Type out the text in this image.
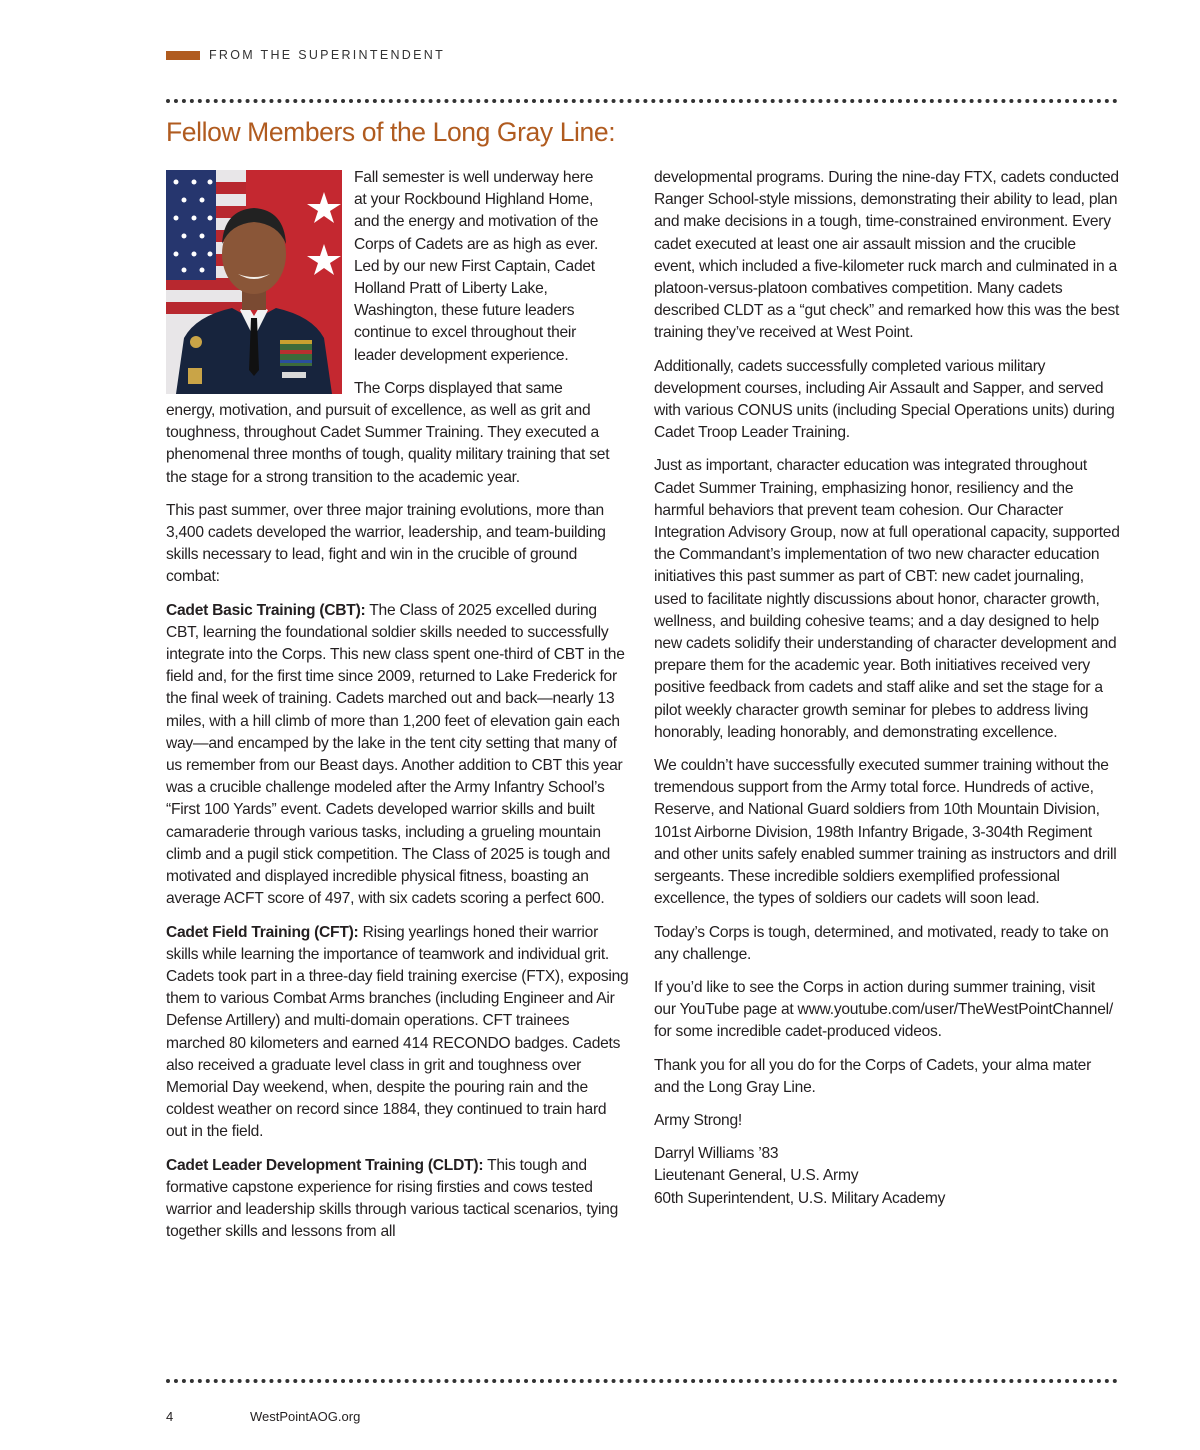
FROM THE SUPERINTENDENT
Fellow Members of the Long Gray Line:
Fall semester is well underway here
at your Rockbound Highland Home,
and the energy and motivation of the
Corps of Cadets are as high as ever.
Led by our new First Captain, Cadet
Holland Pratt of Liberty Lake,
Washington, these future leaders
continue to excel throughout their
leader development experience.

The Corps displayed that same
energy, motivation, and pursuit of excellence, as well as grit and toughness, throughout Cadet Summer Training. They executed a phenomenal three months of tough, quality military training that set the stage for a strong transition to the academic year.

This past summer, over three major training evolutions, more than 3,400 cadets developed the warrior, leadership, and team-building skills necessary to lead, fight and win in the crucible of ground combat:

Cadet Basic Training (CBT): The Class of 2025 excelled during CBT, learning the foundational soldier skills needed to successfully integrate into the Corps. This new class spent one-third of CBT in the field and, for the first time since 2009, returned to Lake Frederick for the final week of training. Cadets marched out and back—nearly 13 miles, with a hill climb of more than 1,200 feet of elevation gain each way—and encamped by the lake in the tent city setting that many of us remember from our Beast days. Another addition to CBT this year was a crucible challenge modeled after the Army Infantry School’s “First 100 Yards” event. Cadets developed warrior skills and built camaraderie through various tasks, including a grueling mountain climb and a pugil stick competition. The Class of 2025 is tough and motivated and displayed incredible physical fitness, boasting an average ACFT score of 497, with six cadets scoring a perfect 600.

Cadet Field Training (CFT): Rising yearlings honed their warrior skills while learning the importance of teamwork and individual grit. Cadets took part in a three-day field training exercise (FTX), exposing them to various Combat Arms branches (including Engineer and Air Defense Artillery) and multi-domain operations. CFT trainees marched 80 kilometers and earned 414 RECONDO badges. Cadets also received a graduate level class in grit and toughness over Memorial Day weekend, when, despite the pouring rain and the coldest weather on record since 1884, they continued to train hard out in the field.

Cadet Leader Development Training (CLDT): This tough and formative capstone experience for rising firsties and cows tested warrior and leadership skills through various tactical scenarios, tying together skills and lessons from all

developmental programs. During the nine-day FTX, cadets conducted Ranger School-style missions, demonstrating their ability to lead, plan and make decisions in a tough, time-constrained environment. Every cadet executed at least one air assault mission and the crucible event, which included a five-kilometer ruck march and culminated in a platoon-versus-platoon combatives competition. Many cadets described CLDT as a “gut check” and remarked how this was the best training they’ve received at West Point.

Additionally, cadets successfully completed various military development courses, including Air Assault and Sapper, and served with various CONUS units (including Special Operations units) during Cadet Troop Leader Training.

Just as important, character education was integrated throughout Cadet Summer Training, emphasizing honor, resiliency and the harmful behaviors that prevent team cohesion. Our Character Integration Advisory Group, now at full operational capacity, supported the Commandant’s implementation of two new character education initiatives this past summer as part of CBT: new cadet journaling, used to facilitate nightly discussions about honor, character growth, wellness, and building cohesive teams; and a day designed to help new cadets solidify their understanding of character development and prepare them for the academic year. Both initiatives received very positive feedback from cadets and staff alike and set the stage for a pilot weekly character growth seminar for plebes to address living honorably, leading honorably, and demonstrating excellence.

We couldn’t have successfully executed summer training without the tremendous support from the Army total force. Hundreds of active, Reserve, and National Guard soldiers from 10th Mountain Division, 101st Airborne Division, 198th Infantry Brigade, 3-304th Regiment and other units safely enabled summer training as instructors and drill sergeants. These incredible soldiers exemplified professional excellence, the types of soldiers our cadets will soon lead.

Today’s Corps is tough, determined, and motivated, ready to take on any challenge.

If you’d like to see the Corps in action during summer training, visit our YouTube page at www.youtube.com/user/TheWestPointChannel/ for some incredible cadet-produced videos.

Thank you for all you do for the Corps of Cadets, your alma mater and the Long Gray Line.

Army Strong!

Darryl Williams ’83
Lieutenant General, U.S. Army
60th Superintendent, U.S. Military Academy

4	WestPointAOG.org
